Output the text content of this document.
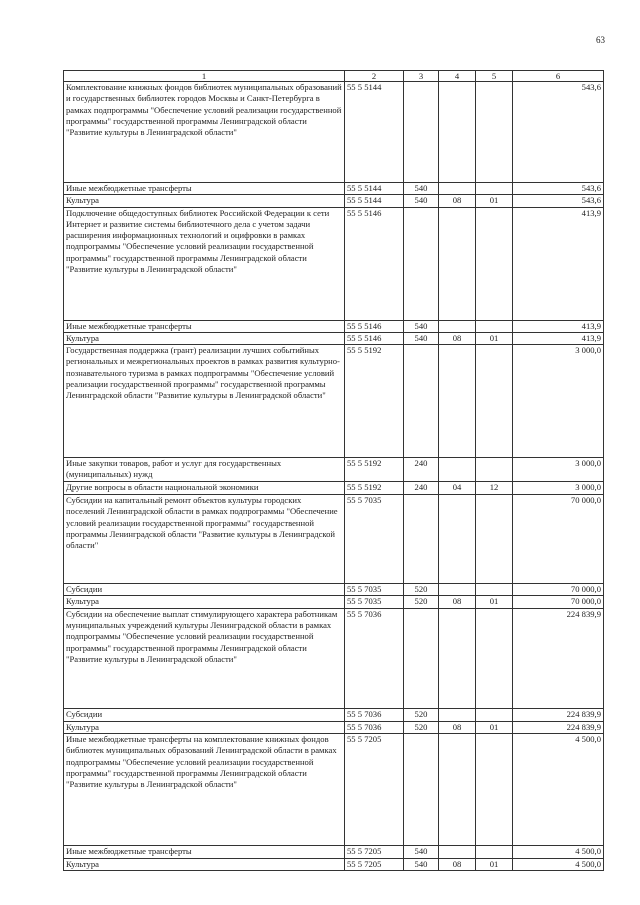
63
1	2	3	4	5	6
Комплектование книжных фондов библиотек муниципальных образований и государственных библиотек городов Москвы и Санкт-Петербурга в рамках подпрограммы "Обеспечение условий реализации государственной программы" государственной программы Ленинградской области "Развитие культуры в Ленинградской области"	55 5 5144				543,6
Иные межбюджетные трансферты	55 5 5144	540			543,6
Культура	55 5 5144	540	08	01	543,6
Подключение общедоступных библиотек Российской Федерации к сети Интернет и развитие системы библиотечного дела с учетом задачи расширения информационных технологий и оцифровки в рамках подпрограммы "Обеспечение условий реализации государственной программы" государственной программы Ленинградской области "Развитие культуры в Ленинградской области"	55 5 5146				413,9
Иные межбюджетные трансферты	55 5 5146	540			413,9
Культура	55 5 5146	540	08	01	413,9
Государственная поддержка (грант) реализации лучших событийных региональных и межрегиональных проектов в рамках развития культурно-познавательного туризма в рамках подпрограммы "Обеспечение условий реализации государственной программы" государственной программы Ленинградской области "Развитие культуры в Ленинградской области"	55 5 5192				3 000,0
Иные закупки товаров, работ и услуг для государственных (муниципальных) нужд	55 5 5192	240			3 000,0
Другие вопросы в области национальной экономики	55 5 5192	240	04	12	3 000,0
Субсидии на капитальный ремонт объектов культуры городских поселений Ленинградской области в рамках подпрограммы "Обеспечение условий реализации государственной программы" государственной программы Ленинградской области "Развитие культуры в Ленинградской области"	55 5 7035				70 000,0
Субсидии	55 5 7035	520			70 000,0
Культура	55 5 7035	520	08	01	70 000,0
Субсидии на обеспечение выплат стимулирующего характера работникам муниципальных учреждений культуры Ленинградской области в рамках подпрограммы "Обеспечение условий реализации государственной программы" государственной программы Ленинградской области "Развитие культуры в Ленинградской области"	55 5 7036				224 839,9
Субсидии	55 5 7036	520			224 839,9
Культура	55 5 7036	520	08	01	224 839,9
Иные межбюджетные трансферты на комплектование книжных фондов библиотек муниципальных образований Ленинградской области в рамках подпрограммы "Обеспечение условий реализации государственной программы" государственной программы Ленинградской области "Развитие культуры в Ленинградской области"	55 5 7205				4 500,0
Иные межбюджетные трансферты	55 5 7205	540			4 500,0
Культура	55 5 7205	540	08	01	4 500,0
